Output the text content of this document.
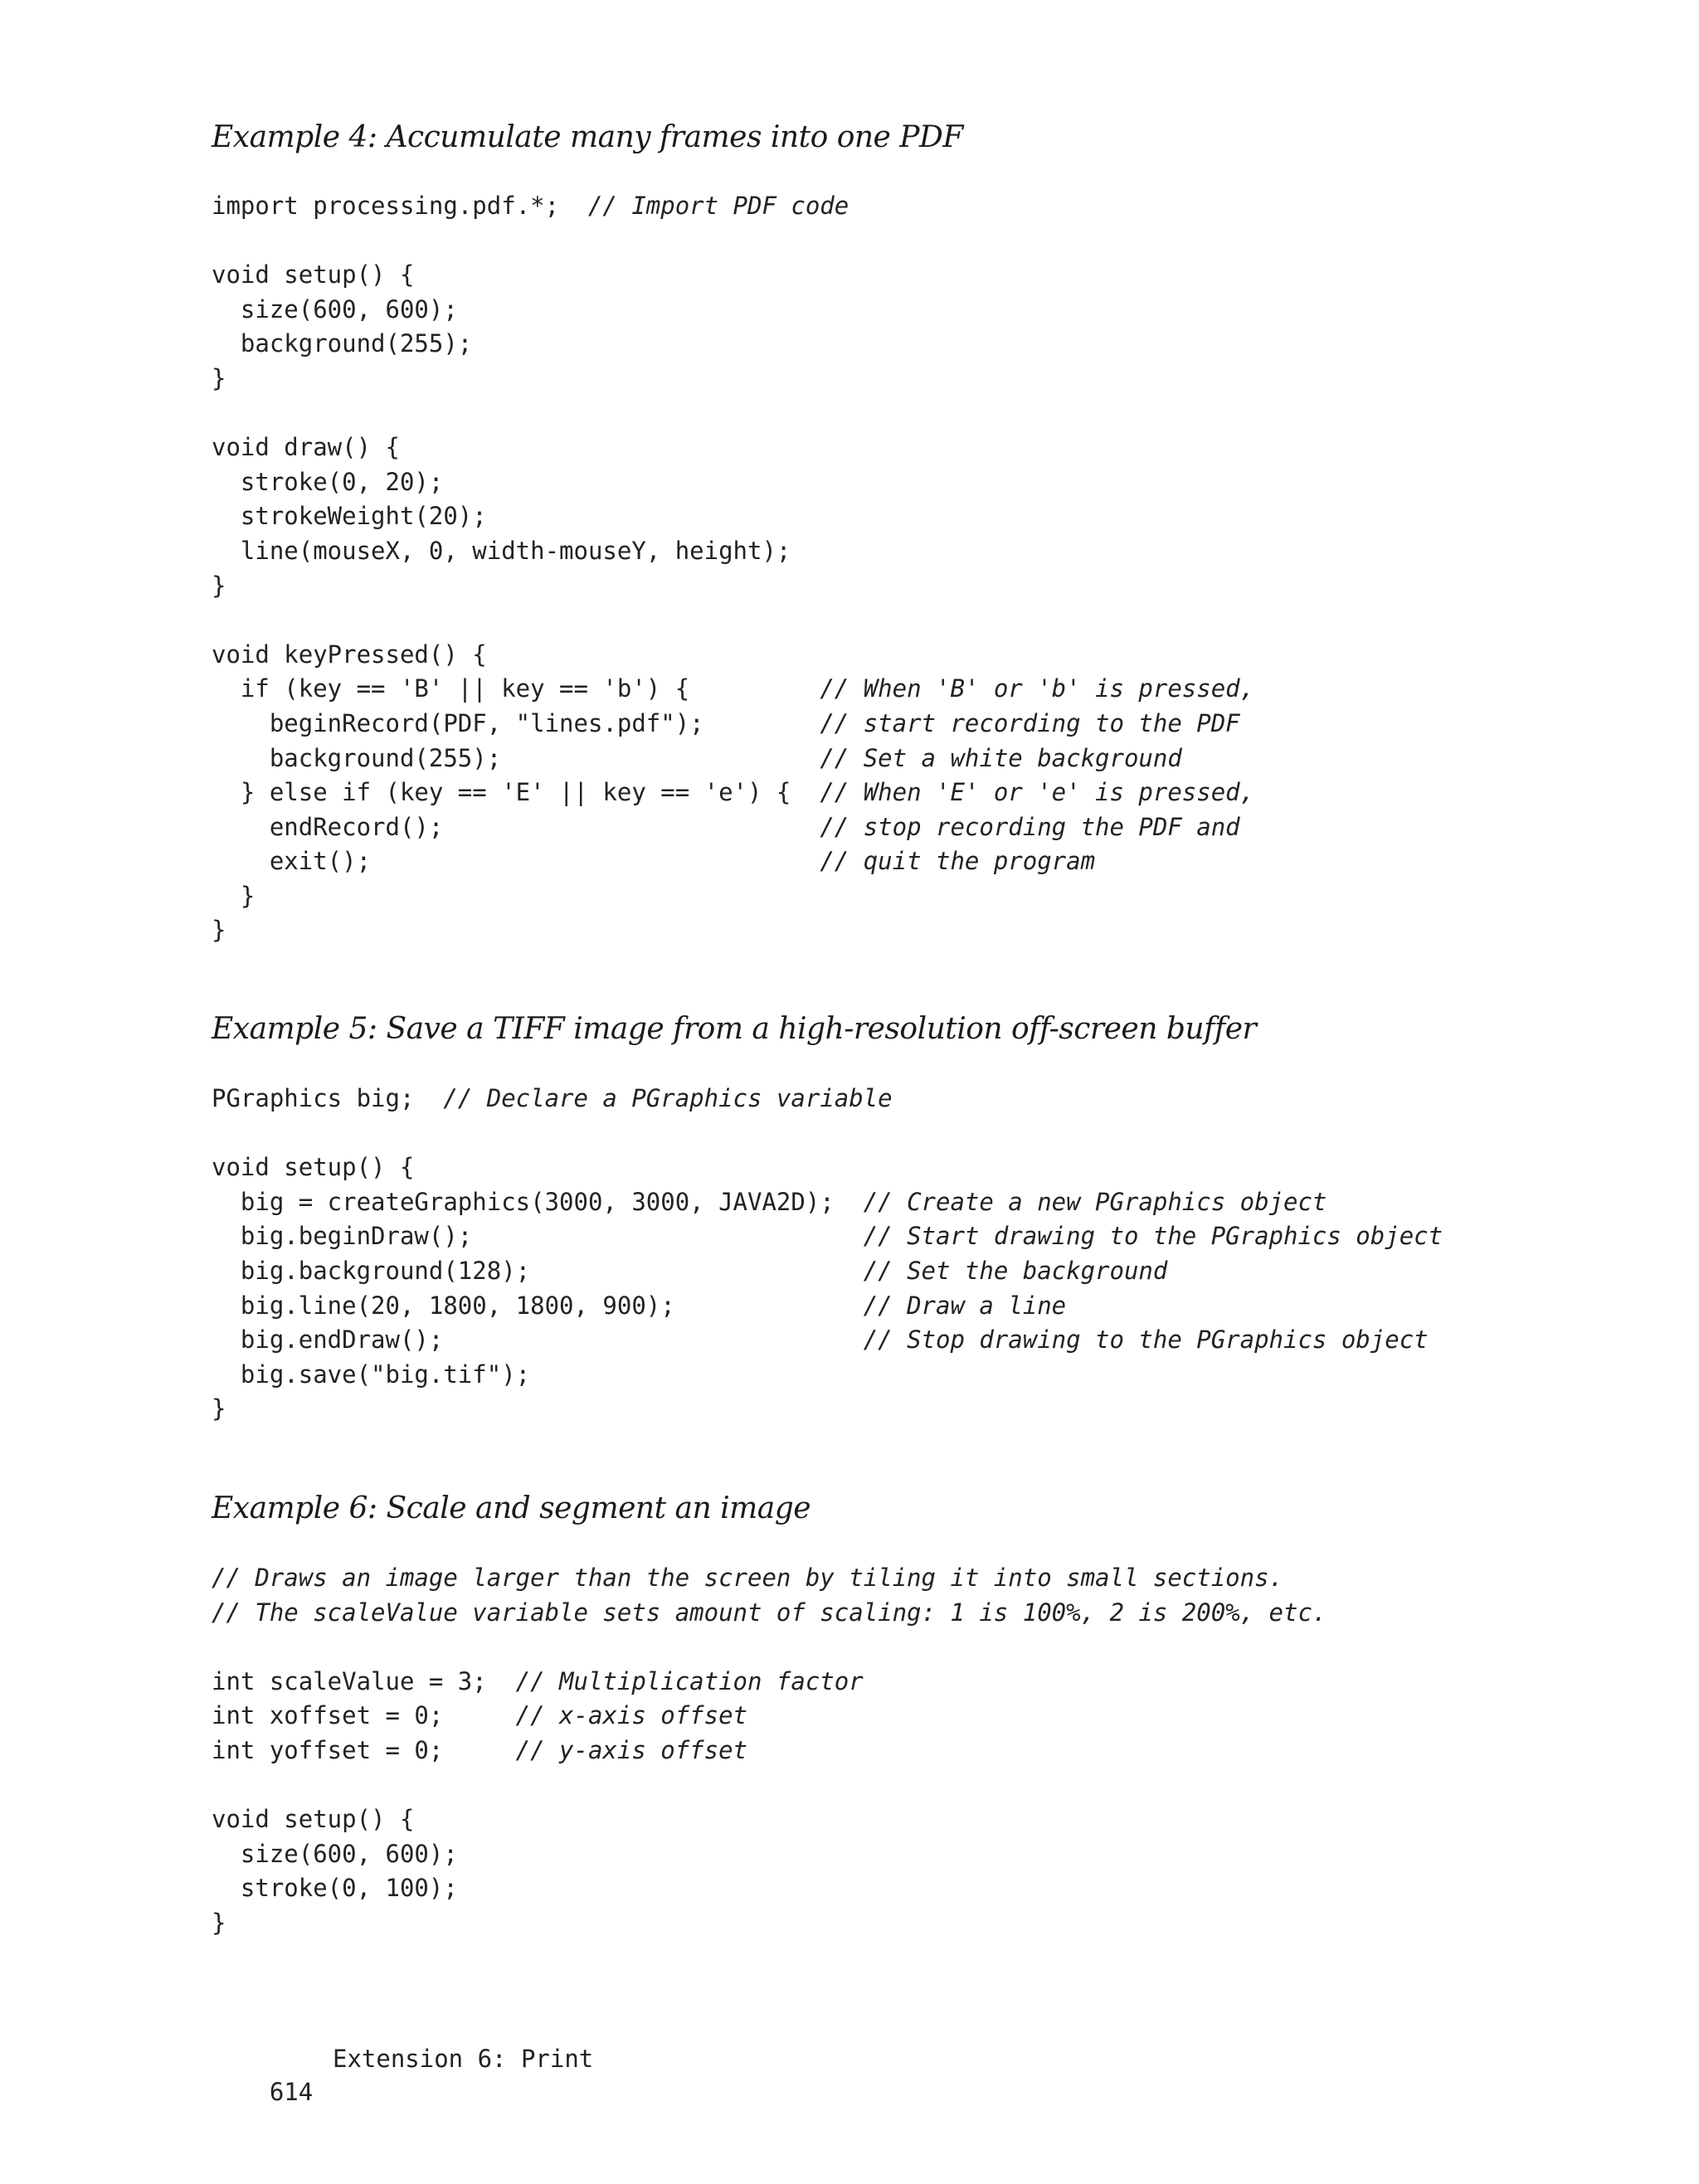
Example 4: Accumulate many frames into one PDF
import processing.pdf.*;  // Import PDF code
void setup() {
size(600, 600);
background(255);
}
void draw() {
stroke(0, 20);
strokeWeight(20);
line(mouseX, 0, width-mouseY, height);
}
void keyPressed() {
if (key == 'B' || key == 'b') {         // When 'B' or 'b' is pressed,
beginRecord(PDF, "lines.pdf");        // start recording to the PDF
background(255);                      // Set a white background
} else if (key == 'E' || key == 'e') {  // When 'E' or 'e' is pressed,
endRecord();                          // stop recording the PDF and
exit();                               // quit the program
}
}
Example 5: Save a TIFF image from a high-resolution off-screen buffer
PGraphics big;  // Declare a PGraphics variable
void setup() {
big = createGraphics(3000, 3000, JAVA2D);  // Create a new PGraphics object
big.beginDraw();                           // Start drawing to the PGraphics object
big.background(128);                       // Set the background
big.line(20, 1800, 1800, 900);             // Draw a line
big.endDraw();                             // Stop drawing to the PGraphics object
big.save("big.tif");
}
Example 6: Scale and segment an image
// Draws an image larger than the screen by tiling it into small sections.
// The scaleValue variable sets amount of scaling: 1 is 100%, 2 is 200%, etc.
int scaleValue = 3;  // Multiplication factor
int xoffset = 0;     // x-axis offset
int yoffset = 0;     // y-axis offset
void setup() {
size(600, 600);
stroke(0, 100);
}

614

Extension 6: Print
